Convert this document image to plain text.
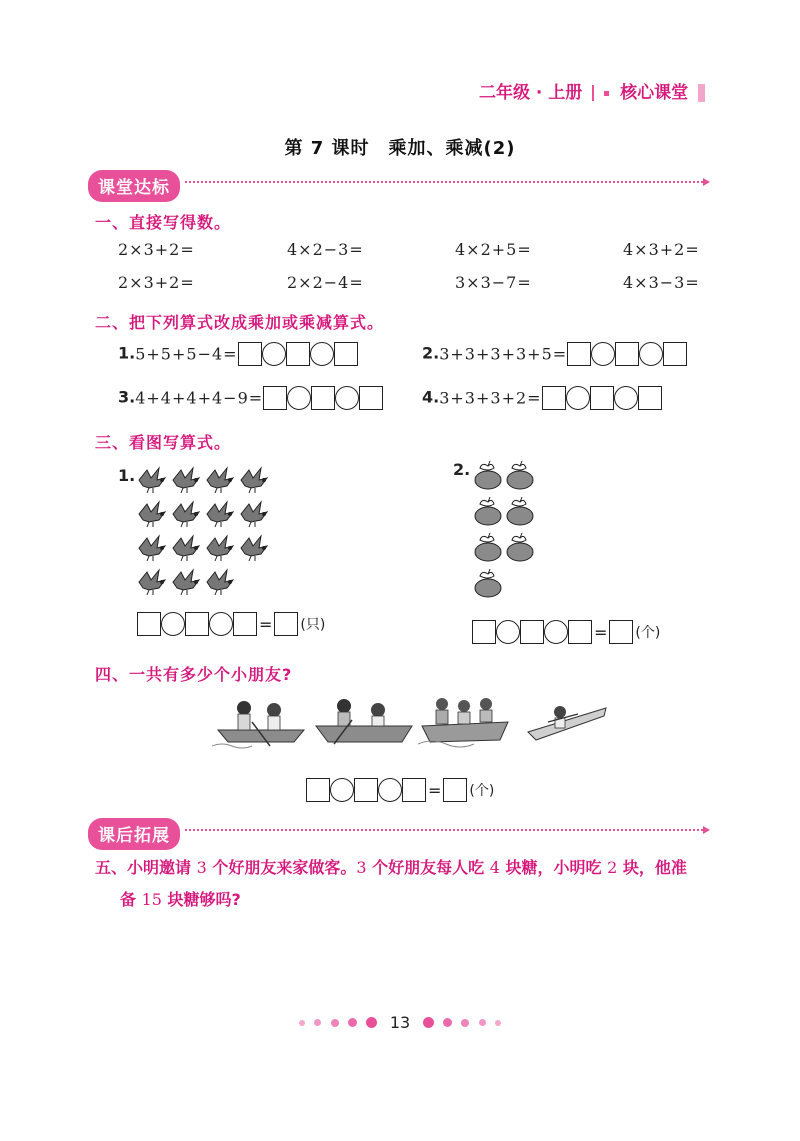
二年级 · 上册 核心课堂
第 7 课时　乘加、乘减(2)
课堂达标
一、直接写得数。
2×3+2=	4×2−3=	4×2+5=	4×3+2=
2×3+2=	2×2−4=	3×3−7=	4×3−3=
二、把下列算式改成乘加或乘减算式。
1.5+5+5−4=	2.3+3+3+3+5=
3.4+4+4+4−9=	4.3+3+3+2=
三、看图写算式。
1.	2.
= (只)	= (个)
四、一共有多少个小朋友?
= (个)
课后拓展
五、小明邀请 3 个好朋友来家做客。3 个好朋友每人吃 4 块糖，小明吃 2 块，他准
备 15 块糖够吗?
13
